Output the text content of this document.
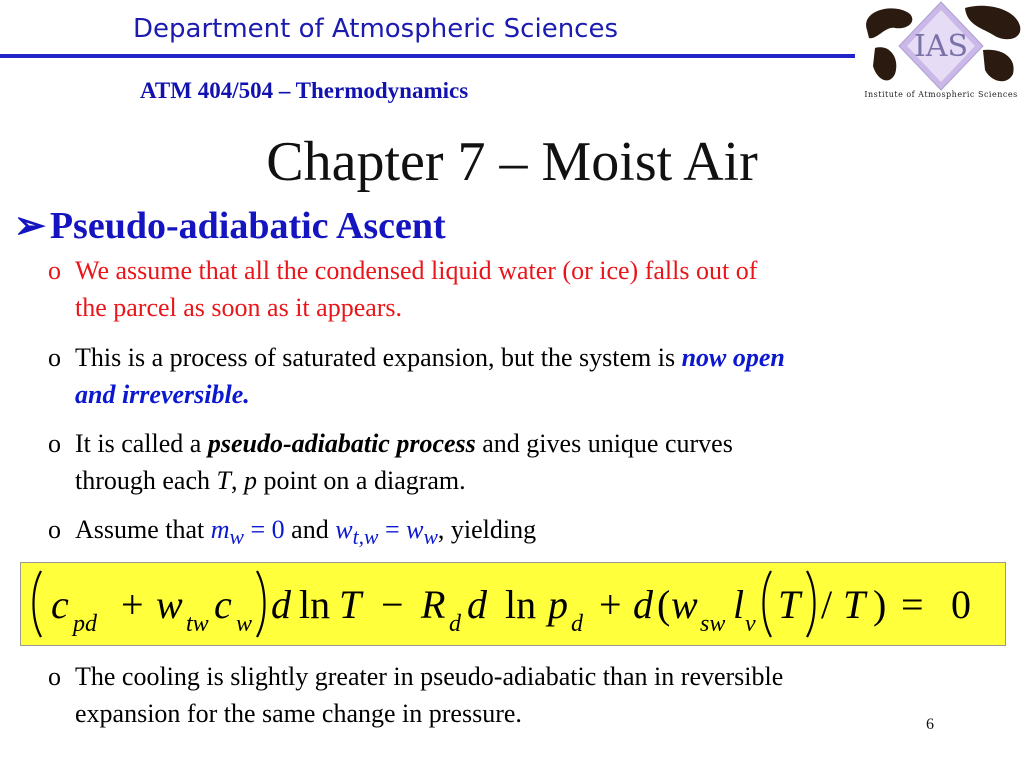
Department of Atmospheric Sciences
ATM 404/504 – Thermodynamics
IAS
Institute of Atmospheric Sciences
Chapter 7 – Moist Air
➢ Pseudo-adiabatic Ascent
o We assume that all the condensed liquid water (or ice) falls out of
the parcel as soon as it appears.
o This is a process of saturated expansion, but the system is now open
and irreversible.
o It is called a pseudo-adiabatic process and gives unique curves
through each T, p point on a diagram.
o Assume that $m_w = 0$ and $w_{t,w} = w_w$, yielding
c pd + w tw c w d ln T − R d d ln p d + d ( w sw l v T / T ) = 0
o The cooling is slightly greater in pseudo-adiabatic than in reversible
expansion for the same change in pressure.	6
